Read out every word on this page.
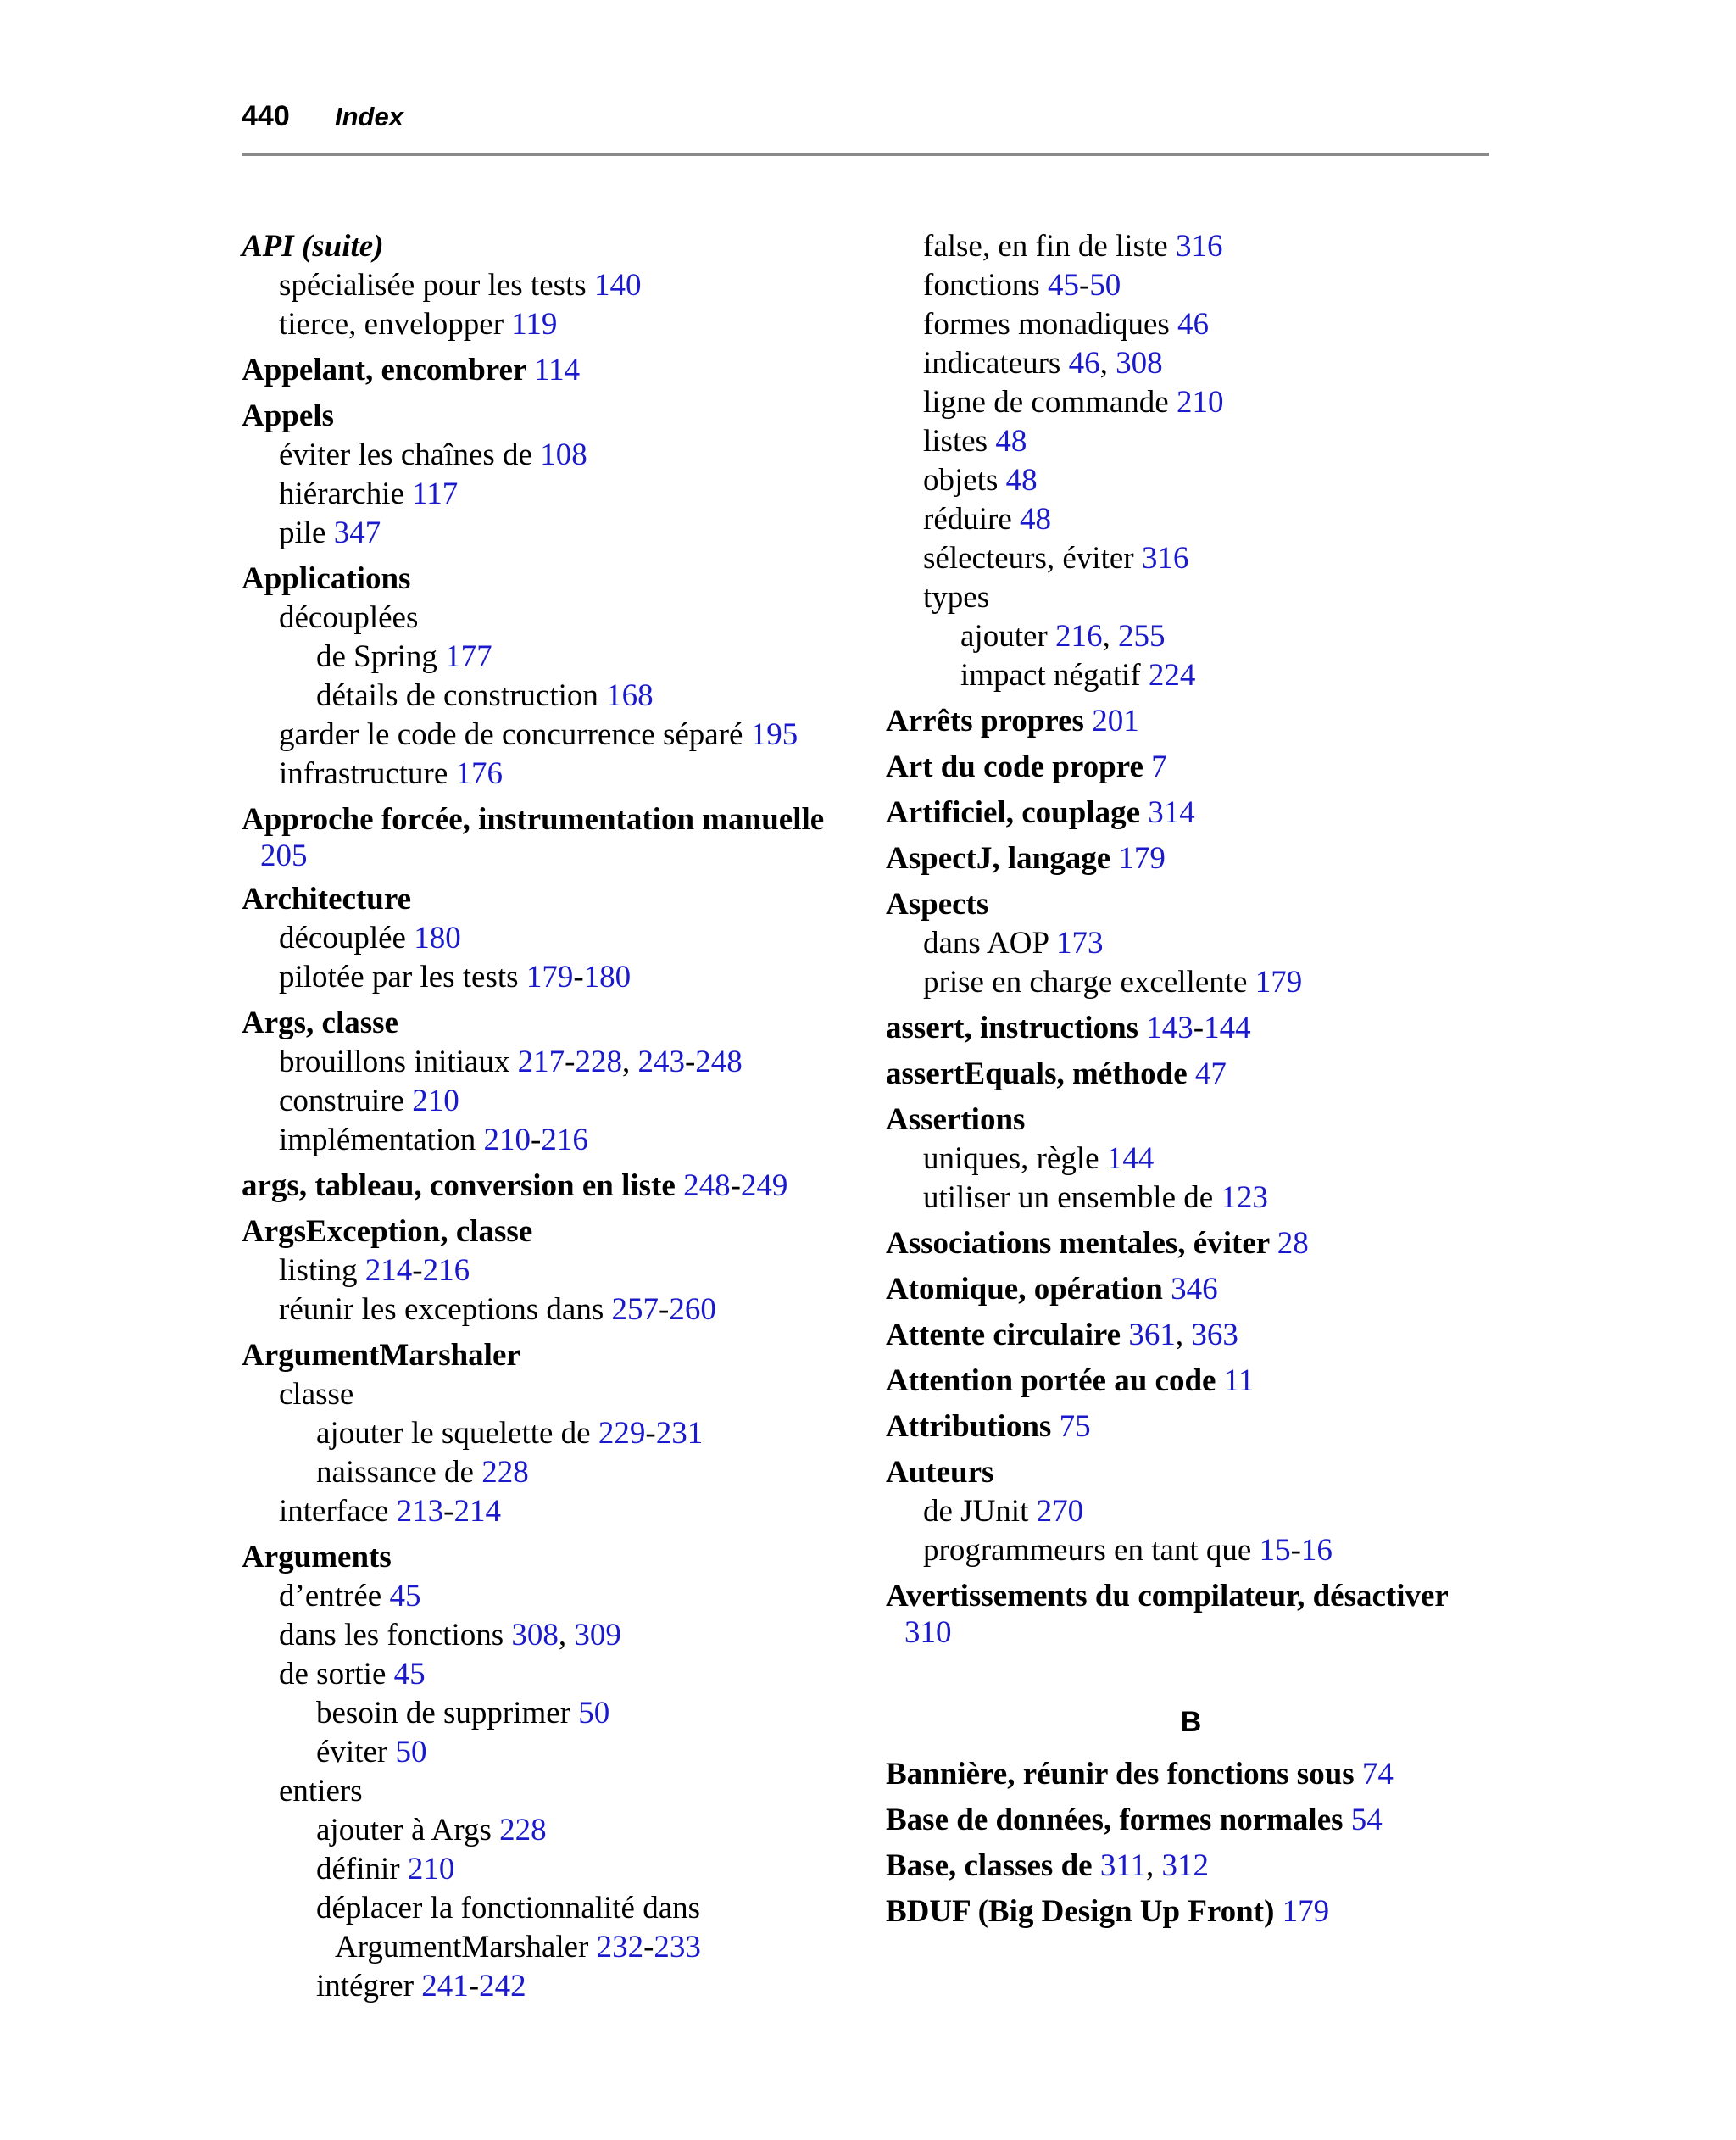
440 Index
API (suite)
spécialisée pour les tests 140
tierce, envelopper 119
Appelant, encombrer 114
Appels
éviter les chaînes de 108
hiérarchie 117
pile 347
Applications
découplées
de Spring 177
détails de construction 168
garder le code de concurrence séparé 195
infrastructure 176
Approche forcée, instrumentation manuelle
205
Architecture
découplée 180
pilotée par les tests 179-180
Args, classe
brouillons initiaux 217-228, 243-248
construire 210
implémentation 210-216
args, tableau, conversion en liste 248-249
ArgsException, classe
listing 214-216
réunir les exceptions dans 257-260
ArgumentMarshaler
classe
ajouter le squelette de 229-231
naissance de 228
interface 213-214
Arguments
d’entrée 45
dans les fonctions 308, 309
de sortie 45
besoin de supprimer 50
éviter 50
entiers
ajouter à Args 228
définir 210
déplacer la fonctionnalité dans
ArgumentMarshaler 232-233
intégrer 241-242
false, en fin de liste 316
fonctions 45-50
formes monadiques 46
indicateurs 46, 308
ligne de commande 210
listes 48
objets 48
réduire 48
sélecteurs, éviter 316
types
ajouter 216, 255
impact négatif 224
Arrêts propres 201
Art du code propre 7
Artificiel, couplage 314
AspectJ, langage 179
Aspects
dans AOP 173
prise en charge excellente 179
assert, instructions 143-144
assertEquals, méthode 47
Assertions
uniques, règle 144
utiliser un ensemble de 123
Associations mentales, éviter 28
Atomique, opération 346
Attente circulaire 361, 363
Attention portée au code 11
Attributions 75
Auteurs
de JUnit 270
programmeurs en tant que 15-16
Avertissements du compilateur, désactiver
310
B
Bannière, réunir des fonctions sous 74
Base de données, formes normales 54
Base, classes de 311, 312
BDUF (Big Design Up Front) 179
